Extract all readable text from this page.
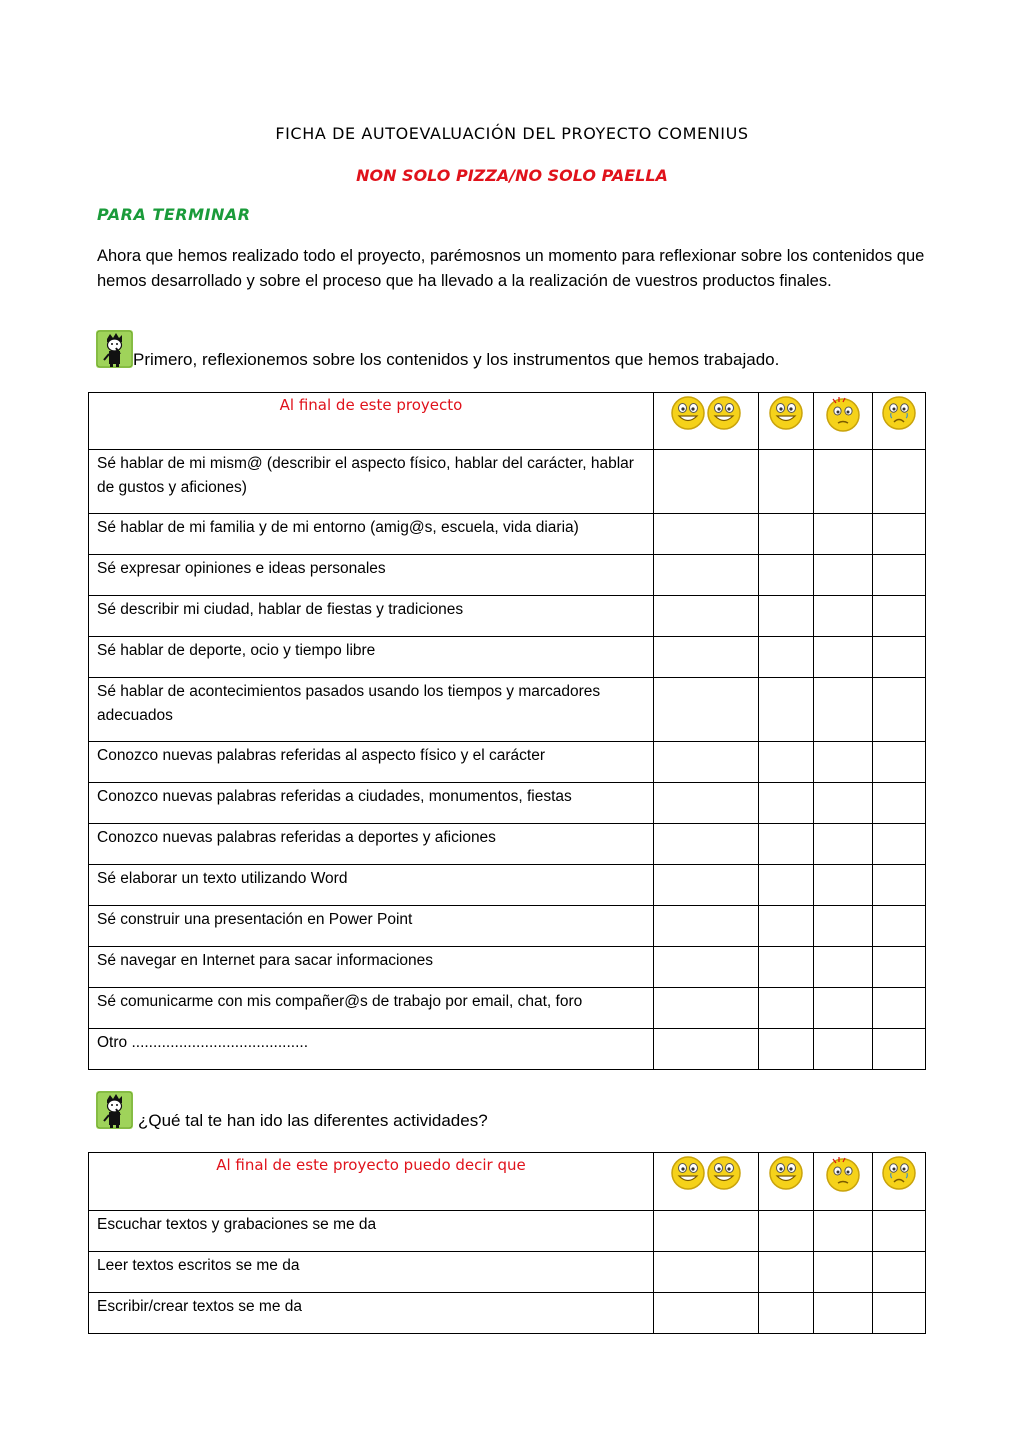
FICHA DE AUTOEVALUACIÓN DEL PROYECTO COMENIUS
NON SOLO PIZZA/NO SOLO PAELLA
PARA TERMINAR
Ahora que hemos realizado todo el proyecto, parémosnos un momento para reflexionar sobre los contenidos que hemos desarrollado y sobre el proceso que ha llevado a la realización de vuestros productos finales.
Primero, reflexionemos sobre los contenidos y los instrumentos que hemos trabajado.
Al final de este proyecto				
Sé hablar de mi mism@ (describir el aspecto físico, hablar del carácter, hablar de gustos y aficiones)				
Sé hablar de mi familia y de mi entorno (amig@s, escuela, vida diaria)				
Sé expresar opiniones e ideas personales				
Sé describir mi ciudad, hablar de fiestas y tradiciones				
Sé hablar de deporte, ocio y tiempo libre				
Sé hablar de acontecimientos pasados usando los tiempos y marcadores adecuados				
Conozco nuevas palabras referidas al aspecto físico y el carácter				
Conozco nuevas palabras referidas a ciudades, monumentos, fiestas				
Conozco nuevas palabras referidas a deportes y aficiones				
Sé elaborar un texto utilizando Word				
Sé construir una presentación en Power Point				
Sé navegar en Internet para sacar informaciones				
Sé comunicarme con mis compañer@s de trabajo por email, chat, foro				
Otro .........................................				
¿Qué tal te han ido las diferentes actividades?
Al final de este proyecto puedo decir que				
Escuchar textos y grabaciones se me da				
Leer textos escritos se me da				
Escribir/crear textos se me da				
